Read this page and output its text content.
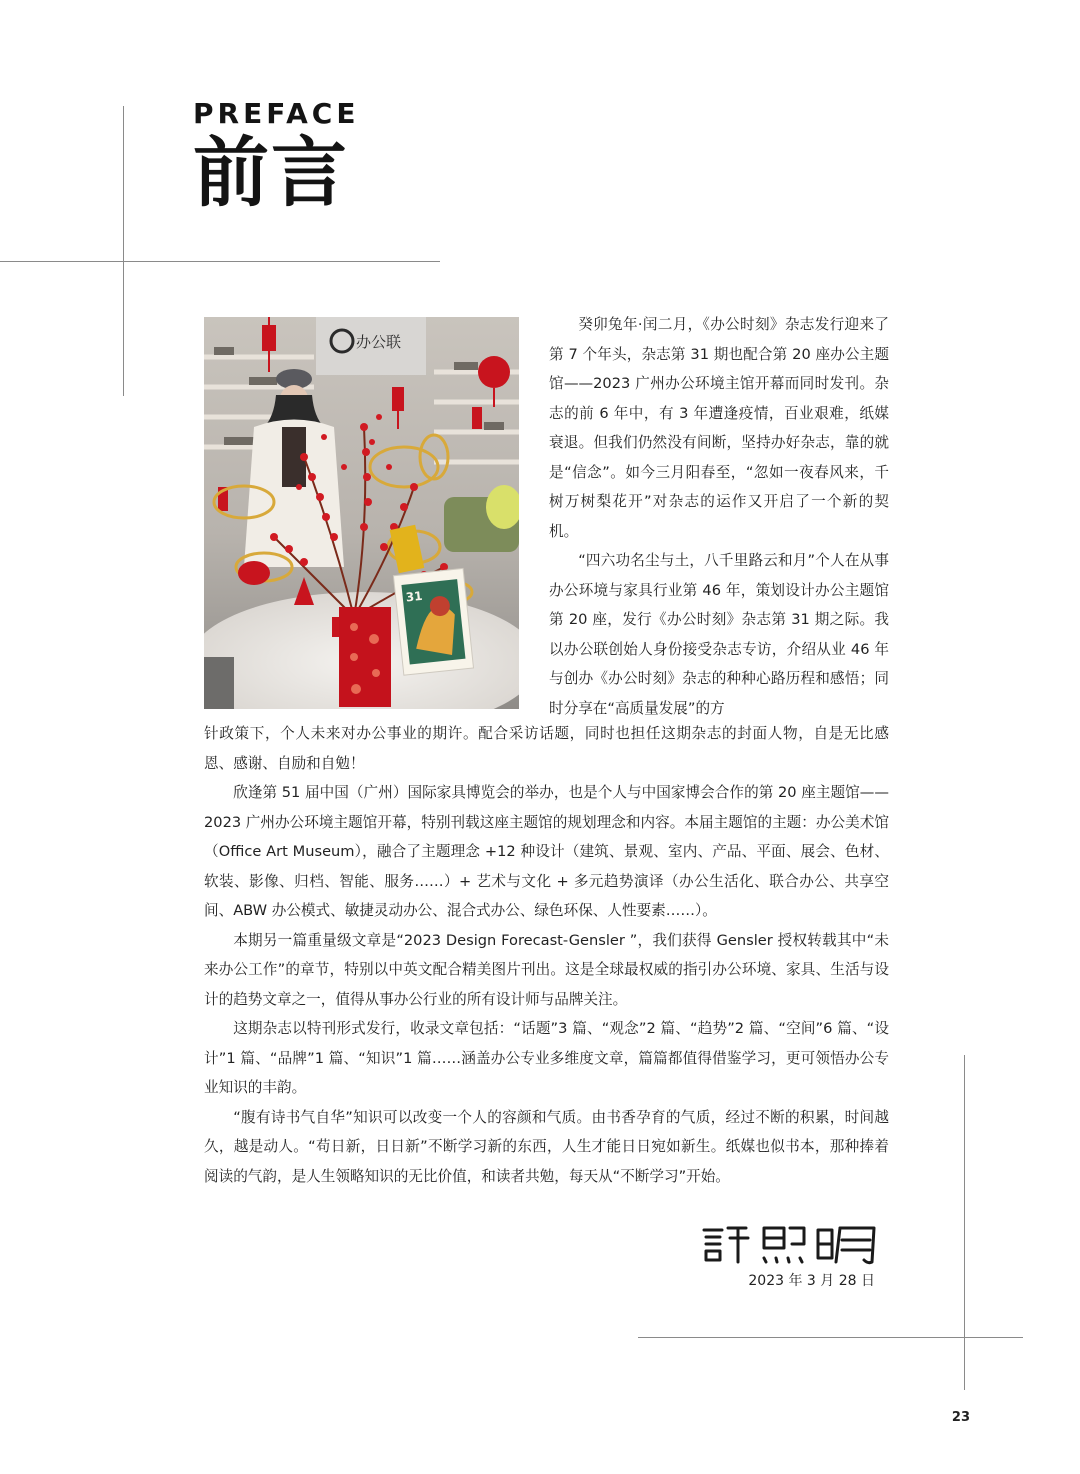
PREFACE
前言
办公联
31

癸卯兔年·闰二月，《办公时刻》杂志发行迎来了第 7 个年头，杂志第 31 期也配合第 20 座办公主题馆——2023 广州办公环境主馆开幕而同时发刊。杂志的前 6 年中，有 3 年遭逢疫情，百业艰难，纸媒衰退。但我们仍然没有间断，坚持办好杂志，靠的就是“信念”。如今三月阳春至，“忽如一夜春风来，千树万树梨花开”对杂志的运作又开启了一个新的契机。

“四六功名尘与土，八千里路云和月”个人在从事办公环境与家具行业第 46 年，策划设计办公主题馆第 20 座，发行《办公时刻》杂志第 31 期之际。我以办公联创始人身份接受杂志专访，介绍从业 46 年与创办《办公时刻》杂志的种种心路历程和感悟；同时分享在“高质量发展”的方

针政策下，个人未来对办公事业的期许。配合采访话题，同时也担任这期杂志的封面人物，自是无比感恩、感谢、自励和自勉！

欣逢第 51 届中国（广州）国际家具博览会的举办，也是个人与中国家博会合作的第 20 座主题馆——2023 广州办公环境主题馆开幕，特别刊载这座主题馆的规划理念和内容。本届主题馆的主题：办公美术馆（Office Art Museum），融合了主题理念 +12 种设计（建筑、景观、室内、产品、平面、展会、色材、软装、影像、归档、智能、服务……）+ 艺术与文化 + 多元趋势演译（办公生活化、联合办公、共享空间、ABW 办公模式、敏捷灵动办公、混合式办公、绿色环保、人性要素……）。

本期另一篇重量级文章是“2023 Design Forecast-Gensler ”，我们获得 Gensler 授权转载其中“未来办公工作”的章节，特别以中英文配合精美图片刊出。这是全球最权威的指引办公环境、家具、生活与设计的趋势文章之一，值得从事办公行业的所有设计师与品牌关注。

这期杂志以特刊形式发行，收录文章包括：“话题”3 篇、“观念”2 篇、“趋势”2 篇、“空间”6 篇、“设计”1 篇、“品牌”1 篇、“知识”1 篇……涵盖办公专业多维度文章，篇篇都值得借鉴学习，更可领悟办公专业知识的丰韵。

“腹有诗书气自华”知识可以改变一个人的容颜和气质。由书香孕育的气质，经过不断的积累，时间越久，越是动人。“苟日新，日日新”不断学习新的东西，人生才能日日宛如新生。纸媒也似书本，那种捧着阅读的气韵，是人生领略知识的无比价值，和读者共勉，每天从“不断学习”开始。

許熙明
2023 年 3 月 28 日
23
